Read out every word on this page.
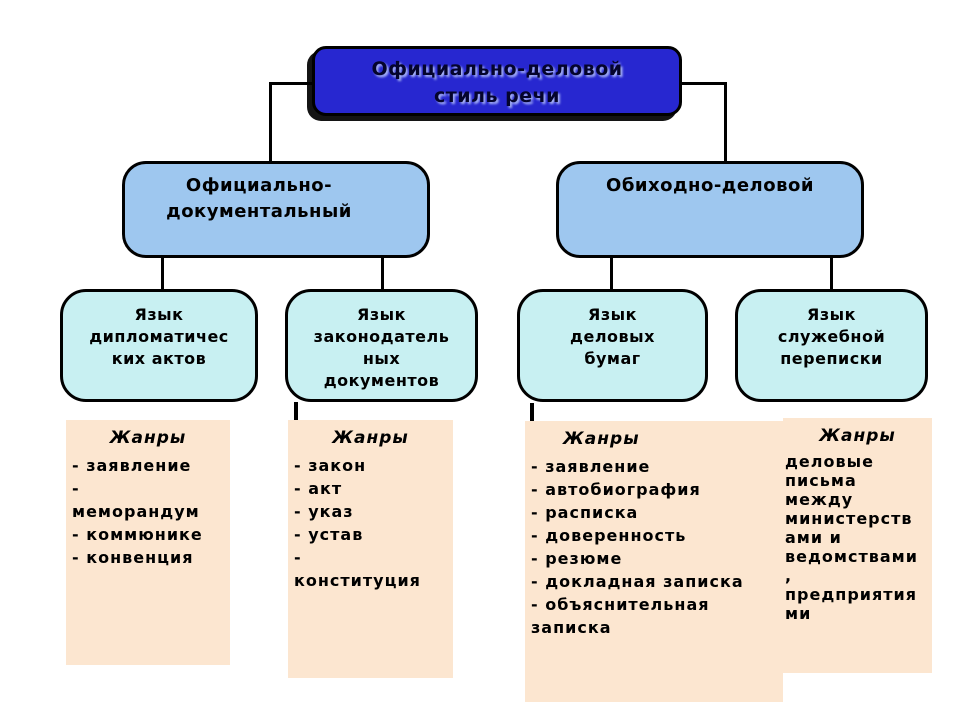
Официально-деловой
стиль речи
Официально-
документальный
Обиходно-деловой
Язык
дипломатичес
ких актов
Язык
законодатель
ных
документов
Язык
деловых
бумаг
Язык
служебной
переписки
Жанры
- заявление
-
меморандум
- коммюнике
- конвенция
Жанры
- закон
- акт
- указ
- устав
-
конституция
Жанры
- заявление
- автобиография
- расписка
- доверенность
- резюме
- докладная записка
- объяснительная
записка
Жанры
деловые
письма
между
министерств
ами и
ведомствами
,
предприятия
ми
